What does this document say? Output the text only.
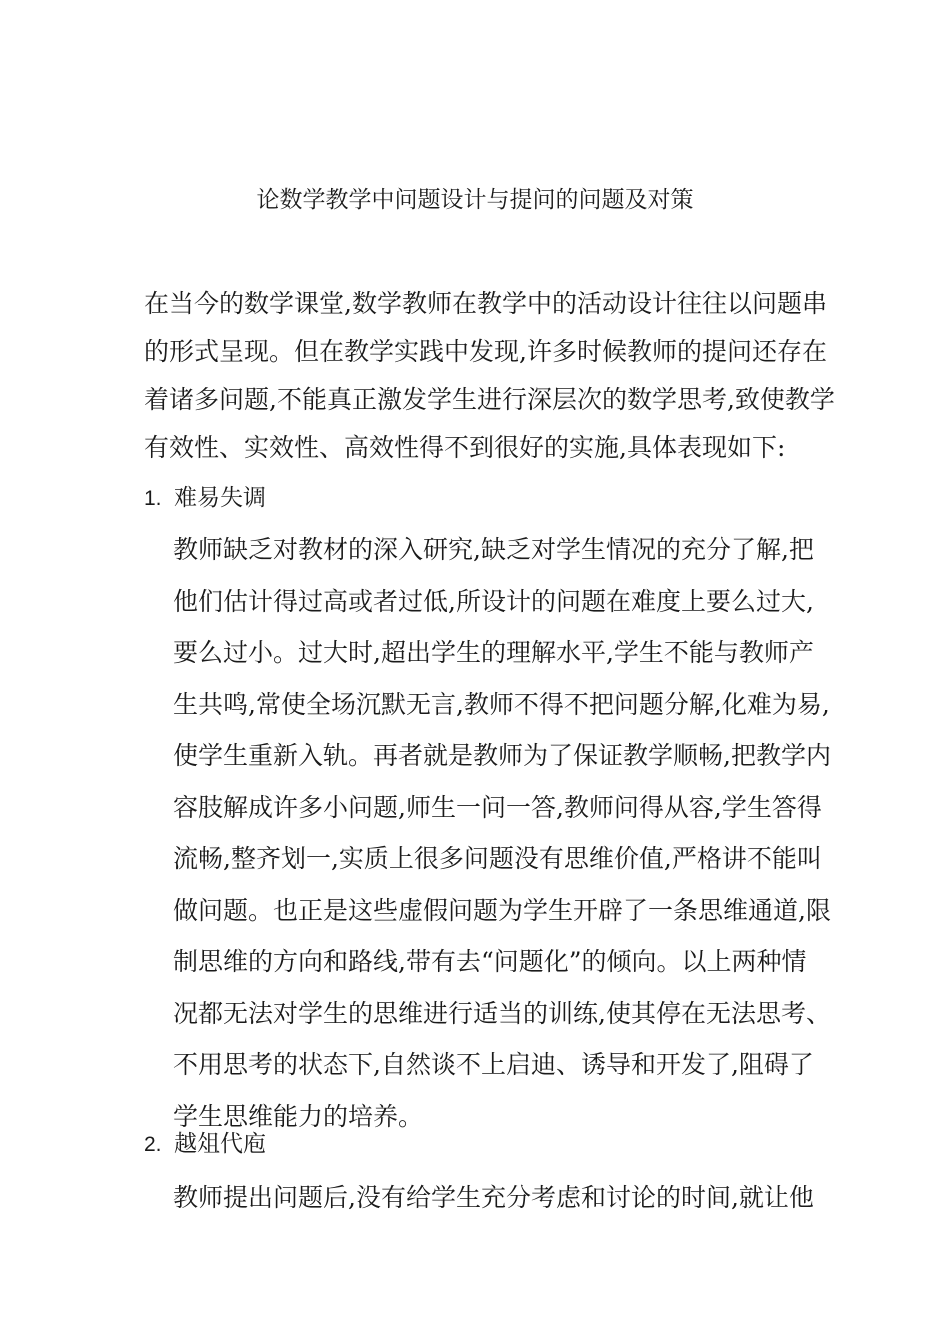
论数学教学中问题设计与提问的问题及对策
在当今的数学课堂,数学教师在教学中的活动设计往往以问题串
的形式呈现。但在教学实践中发现,许多时候教师的提问还存在
着诸多问题,不能真正激发学生进行深层次的数学思考,致使教学
有效性、实效性、高效性得不到很好的实施,具体表现如下:
1. 难易失调
教师缺乏对教材的深入研究,缺乏对学生情况的充分了解,把
他们估计得过高或者过低,所设计的问题在难度上要么过大,
要么过小。过大时,超出学生的理解水平,学生不能与教师产
生共鸣,常使全场沉默无言,教师不得不把问题分解,化难为易,
使学生重新入轨。再者就是教师为了保证教学顺畅,把教学内
容肢解成许多小问题,师生一问一答,教师问得从容,学生答得
流畅,整齐划一,实质上很多问题没有思维价值,严格讲不能叫
做问题。也正是这些虚假问题为学生开辟了一条思维通道,限
制思维的方向和路线,带有去“问题化”的倾向。以上两种情
况都无法对学生的思维进行适当的训练,使其停在无法思考、
不用思考的状态下,自然谈不上启迪、诱导和开发了,阻碍了
学生思维能力的培养。
2. 越俎代庖
教师提出问题后,没有给学生充分考虑和讨论的时间,就让他
